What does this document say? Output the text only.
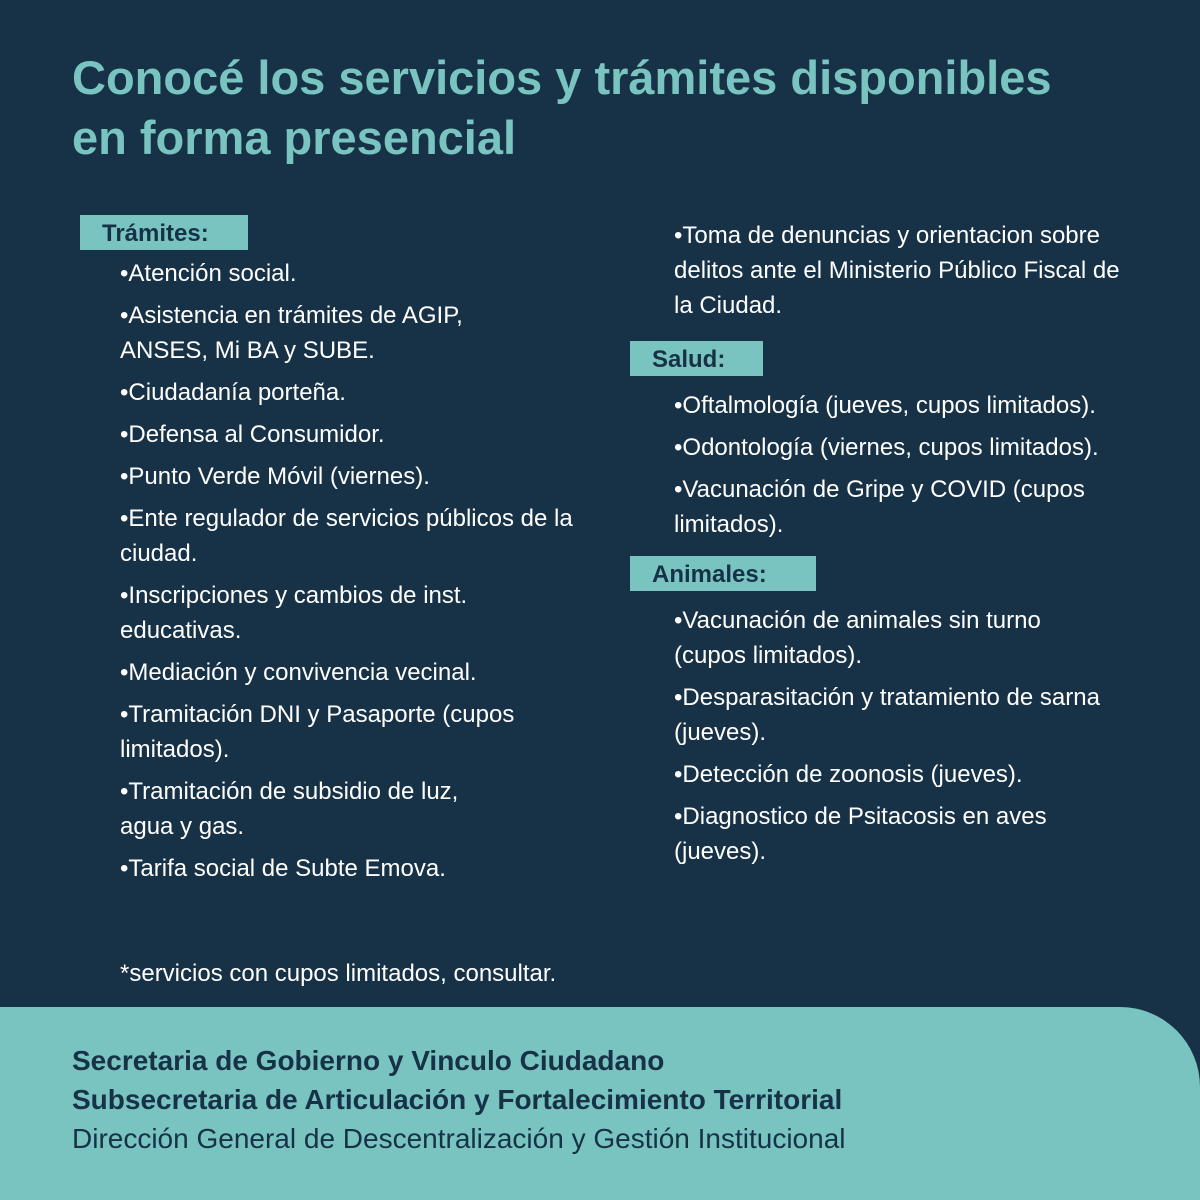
Conocé los servicios y trámites disponibles
en forma presencial
Trámites:
•Atención social.
•Asistencia en trámites de AGIP, ANSES, Mi BA y SUBE.
•Ciudadanía porteña.
•Defensa al Consumidor.
•Punto Verde Móvil (viernes).
•Ente regulador de servicios públicos de la ciudad.
•Inscripciones y cambios de inst. educativas.
•Mediación y convivencia vecinal.
•Tramitación DNI y Pasaporte (cupos limitados).
•Tramitación de subsidio de luz, agua y gas.
•Tarifa social de Subte Emova.
•Toma de denuncias y orientacion sobre delitos ante el Ministerio Público Fiscal de la Ciudad.
Salud:
•Oftalmología (jueves, cupos limitados).
•Odontología (viernes, cupos limitados).
•Vacunación de Gripe y COVID (cupos limitados).
Animales:
•Vacunación de animales sin turno (cupos limitados).
•Desparasitación y tratamiento de sarna (jueves).
•Detección de zoonosis (jueves).
•Diagnostico de Psitacosis en aves (jueves).
*servicios con cupos limitados, consultar.
Secretaria de Gobierno y Vinculo Ciudadano
Subsecretaria de Articulación y Fortalecimiento Territorial
Dirección General de Descentralización y Gestión Institucional
